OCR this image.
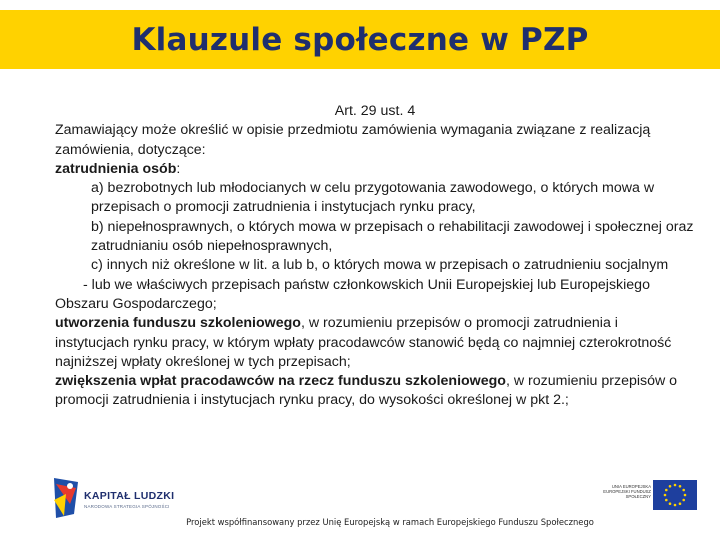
Klauzule społeczne w PZP

Art. 29 ust. 4

Zamawiający może określić w opisie przedmiotu zamówienia wymagania związane z realizacją zamówienia, dotyczące:

zatrudnienia osób:

a) bezrobotnych lub młodocianych w celu przygotowania zawodowego, o których mowa w przepisach o promocji zatrudnienia i instytucjach rynku pracy,

b) niepełnosprawnych, o których mowa w przepisach o rehabilitacji zawodowej i społecznej oraz zatrudnianiu osób niepełnosprawnych,

c) innych niż określone w lit. a lub b, o których mowa w przepisach o zatrudnieniu socjalnym

- lub we właściwych przepisach państw członkowskich Unii Europejskiej lub Europejskiego Obszaru Gospodarczego;

utworzenia funduszu szkoleniowego, w rozumieniu przepisów o promocji zatrudnienia i instytucjach rynku pracy, w którym wpłaty pracodawców stanowić będą co najmniej czterokrotność najniższej wpłaty określonej w tych przepisach;

zwiększenia wpłat pracodawców na rzecz funduszu szkoleniowego, w rozumieniu przepisów o promocji zatrudnienia i instytucjach rynku pracy, do wysokości określonej w pkt 2.;

KAPITAŁ LUDZKI
NARODOWA STRATEGIA SPÓJNOŚCI
UNIA EUROPEJSKA EUROPEJSKI FUNDUSZ SPOŁECZNY
Projekt współfinansowany przez Unię Europejską w ramach Europejskiego Funduszu Społecznego
